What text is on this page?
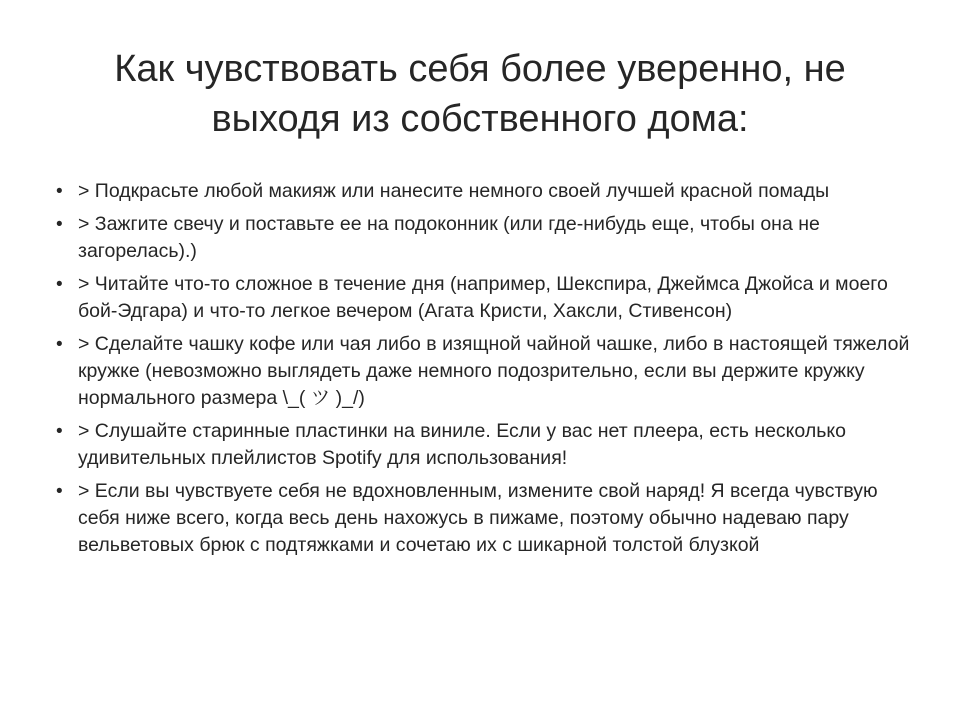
Как чувствовать себя более уверенно, не выходя из собственного дома:
• > Подкрасьте любой макияж или нанесите немного своей лучшей красной помады
• > Зажгите свечу и поставьте ее на подоконник (или где-нибудь еще, чтобы она не загорелась).)
• > Читайте что-то сложное в течение дня (например, Шекспира, Джеймса Джойса и моего бой-Эдгара) и что-то легкое вечером (Агата Кристи, Хаксли, Стивенсон)
• > Сделайте чашку кофе или чая либо в изящной чайной чашке, либо в настоящей тяжелой кружке (невозможно выглядеть даже немного подозрительно, если вы держите кружку нормального размера \_( ツ )_/)
• > Слушайте старинные пластинки на виниле. Если у вас нет плеера, есть несколько удивительных плейлистов Spotify для использования!
• > Если вы чувствуете себя не вдохновленным, измените свой наряд! Я всегда чувствую себя ниже всего, когда весь день нахожусь в пижаме, поэтому обычно надеваю пару вельветовых брюк с подтяжками и сочетаю их с шикарной толстой блузкой
